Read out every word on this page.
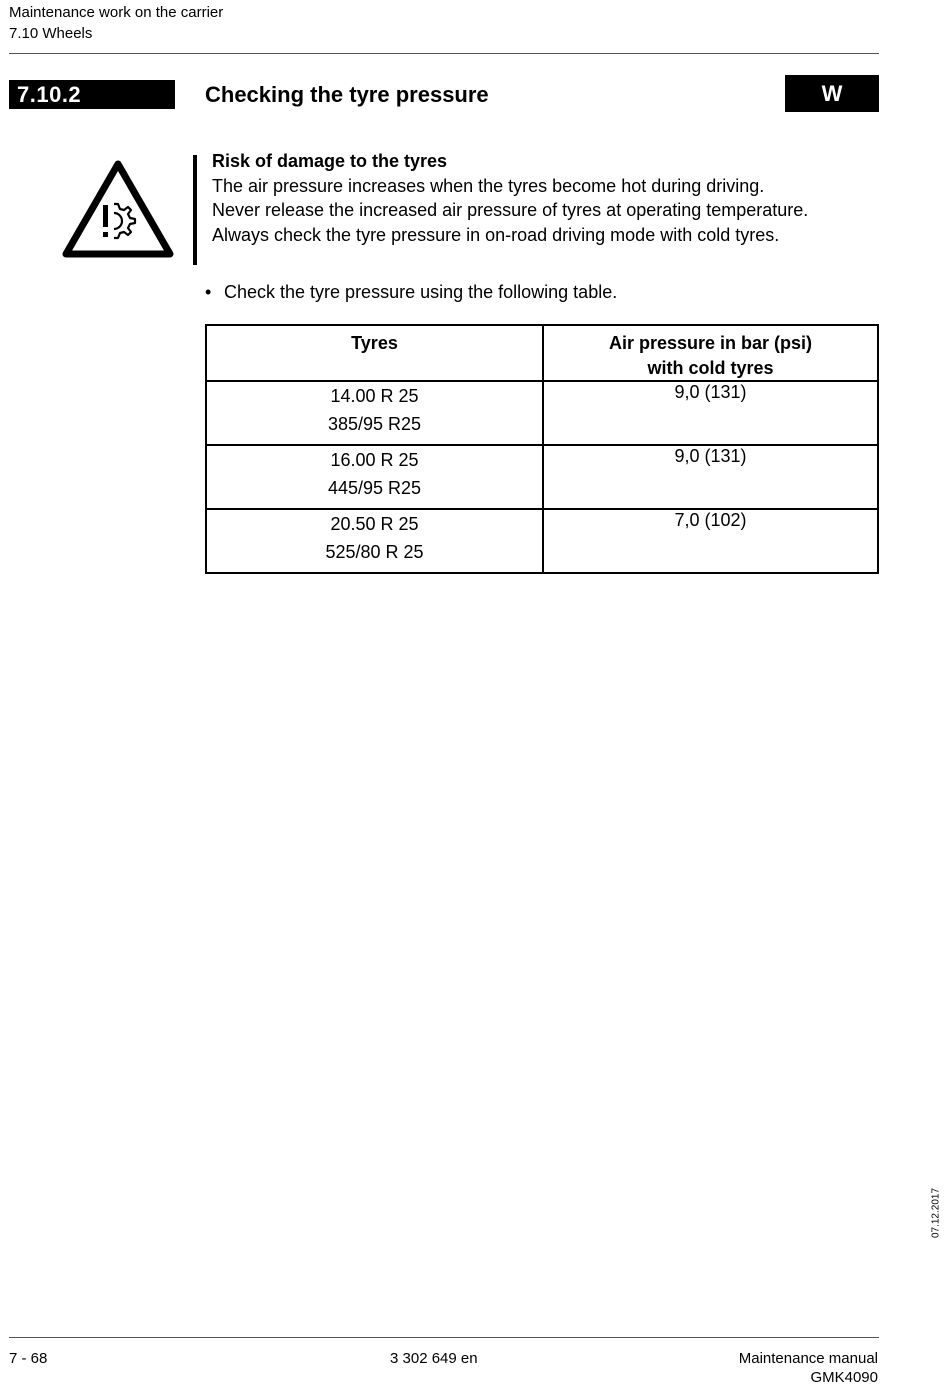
Maintenance work on the carrier
7.10 Wheels
7.10.2	Checking the tyre pressure	W
Risk of damage to the tyres
The air pressure increases when the tyres become hot during driving.
Never release the increased air pressure of tyres at operating temperature.
Always check the tyre pressure in on-road driving mode with cold tyres.
• Check the tyre pressure using the following table.
Tyres	Air pressure in bar (psi)
with cold tyres

14.00 R 25
385/95 R25	9,0 (131)

16.00 R 25
445/95 R25	9,0 (131)

20.50 R 25
525/80 R 25	7,0 (102)
07.12.2017
7 - 68	3 302 649 en	Maintenance manual
GMK4090
